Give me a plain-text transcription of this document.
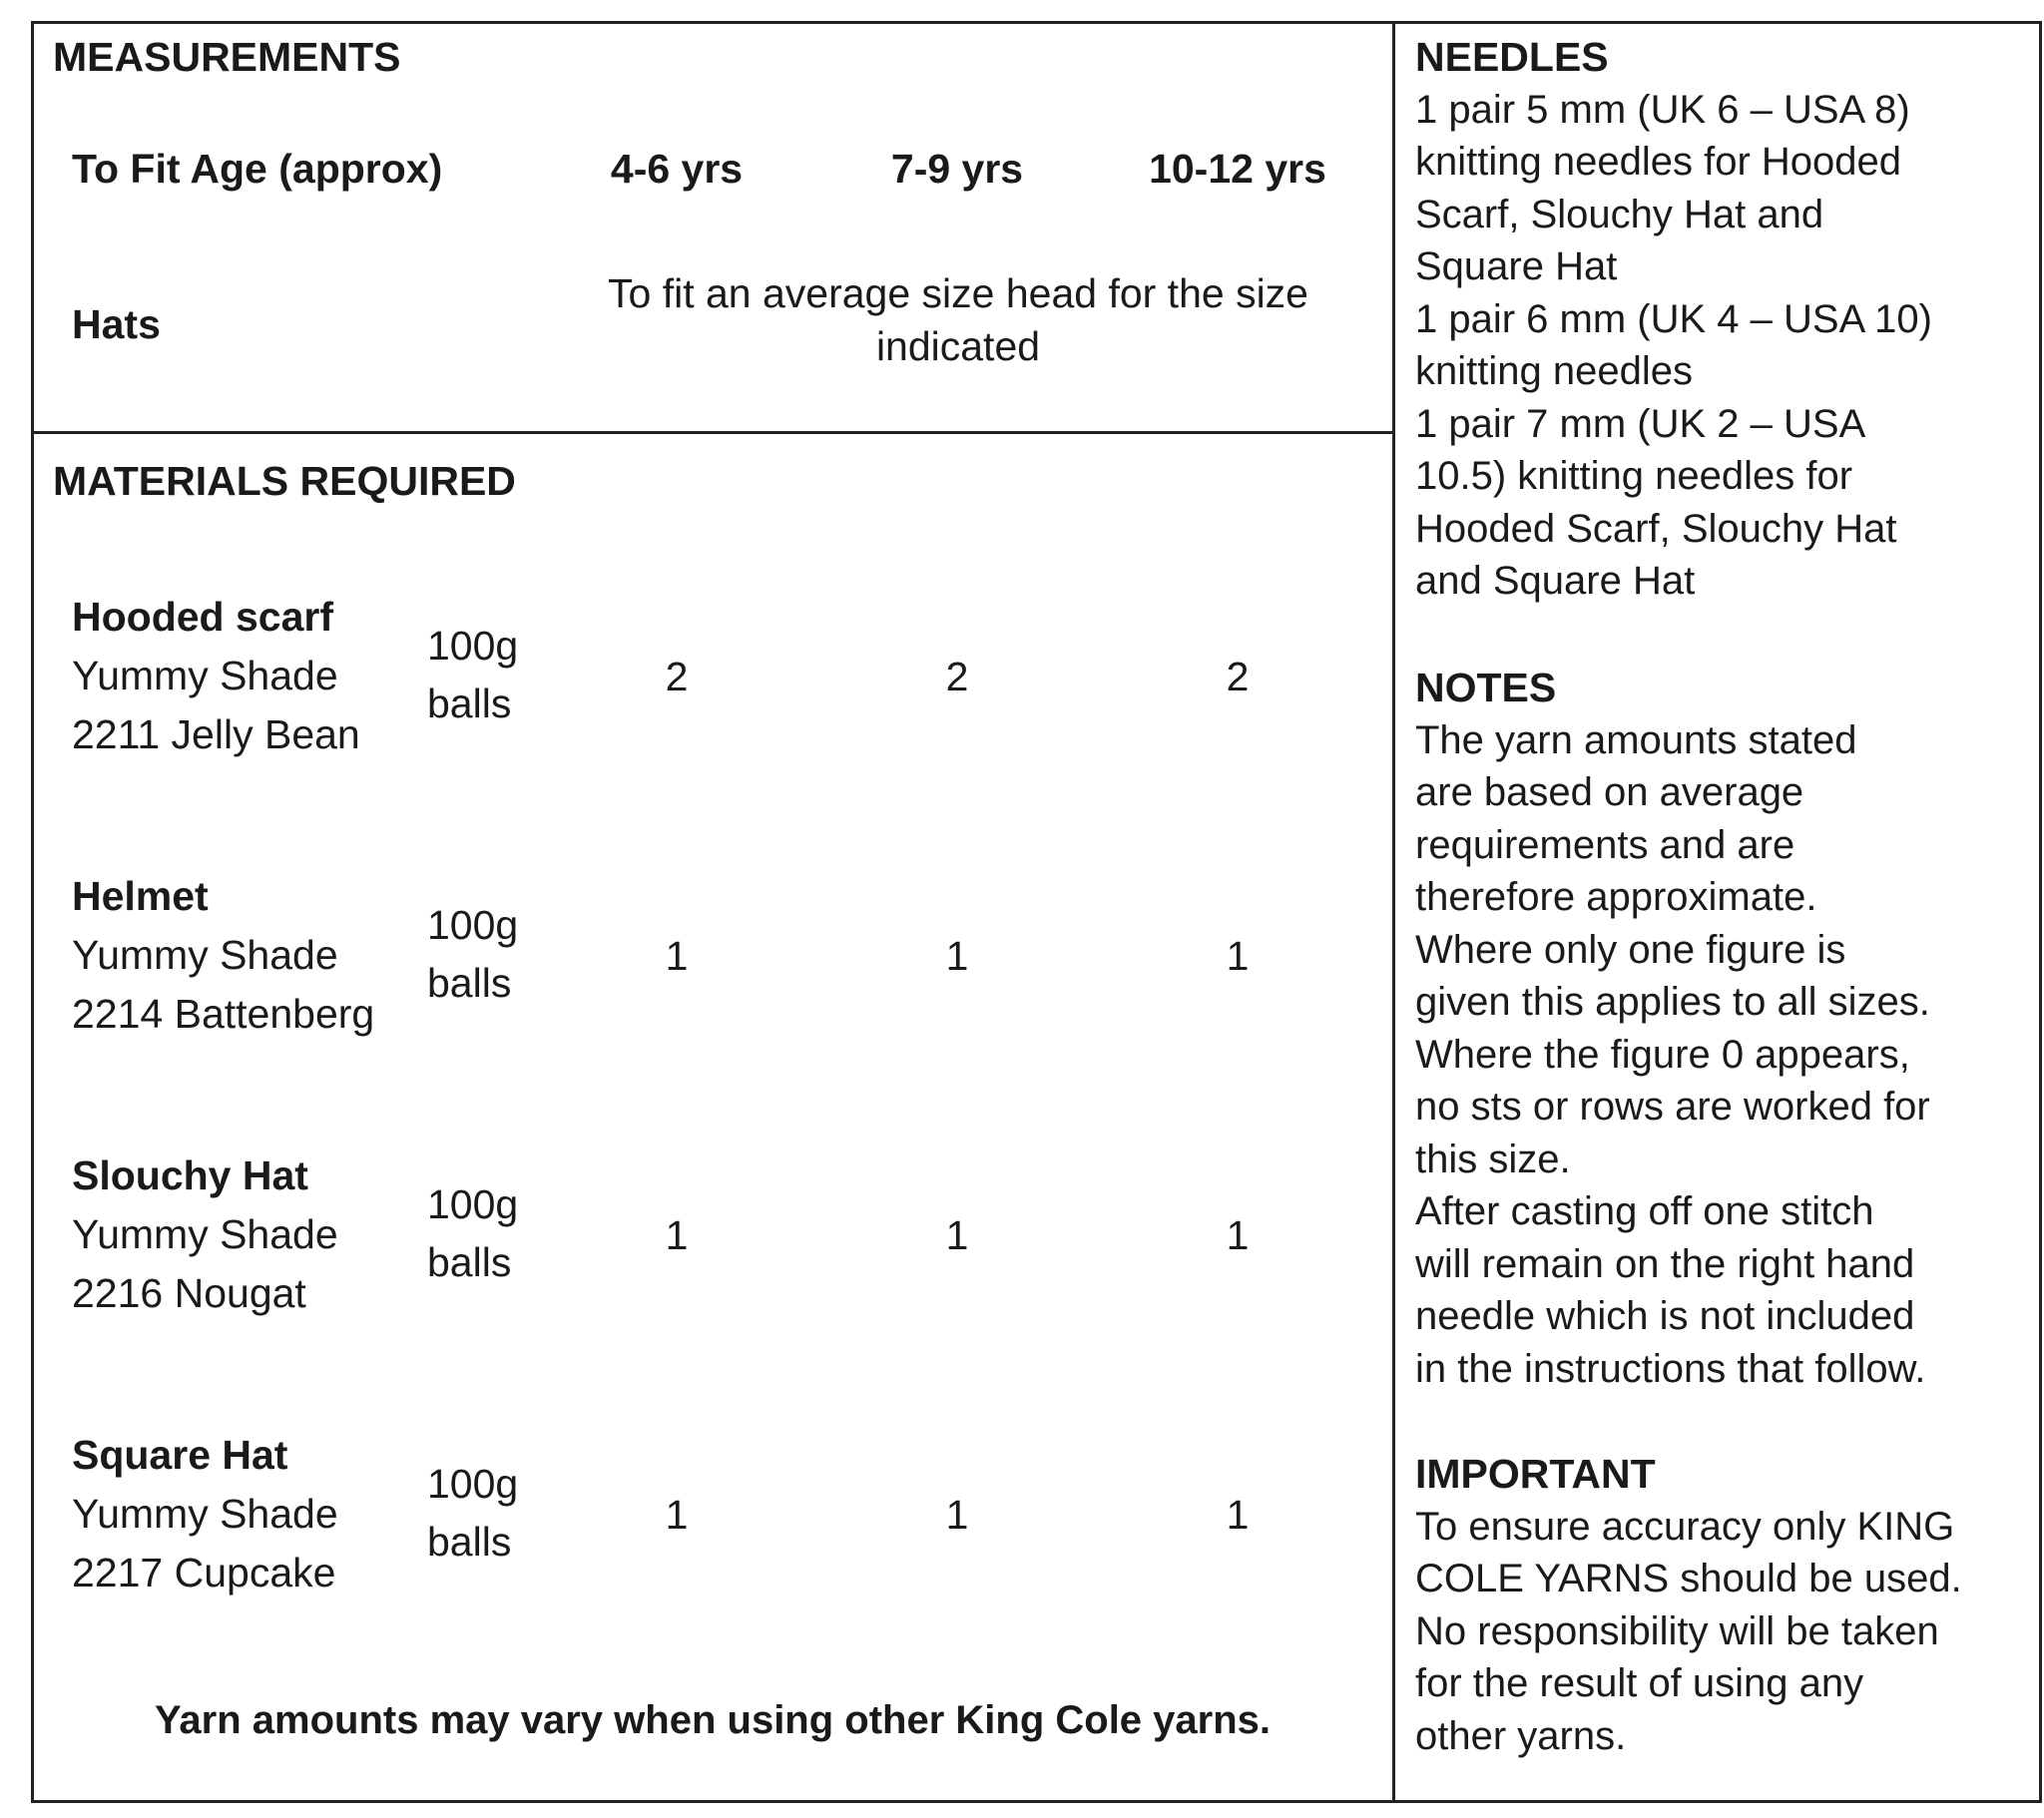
MEASUREMENTS
To Fit Age (approx)	4-6 yrs	7-9 yrs	10-12 yrs
Hats
To fit an average size head for the size indicated
MATERIALS REQUIRED
Hooded scarf
Yummy Shade
2211 Jelly Bean
100g
balls
2	2	2
Helmet
Yummy Shade
2214 Battenberg
100g
balls
1	1	1
Slouchy Hat
Yummy Shade
2216 Nougat
100g
balls
1	1	1
Square Hat
Yummy Shade
2217 Cupcake
100g
balls
1	1	1
Yarn amounts may vary when using other King Cole yarns.
NEEDLES
1 pair 5 mm (UK 6 – USA 8)
knitting needles for Hooded
Scarf, Slouchy Hat and
Square Hat
1 pair 6 mm (UK 4 – USA 10)
knitting needles
1 pair 7 mm (UK 2 – USA
10.5) knitting needles for
Hooded Scarf, Slouchy Hat
and Square Hat
NOTES
The yarn amounts stated
are based on average
requirements and are
therefore approximate.
Where only one figure is
given this applies to all sizes.
Where the figure 0 appears,
no sts or rows are worked for
this size.
After casting off one stitch
will remain on the right hand
needle which is not included
in the instructions that follow.
IMPORTANT
To ensure accuracy only KING
COLE YARNS should be used.
No responsibility will be taken
for the result of using any
other yarns.
